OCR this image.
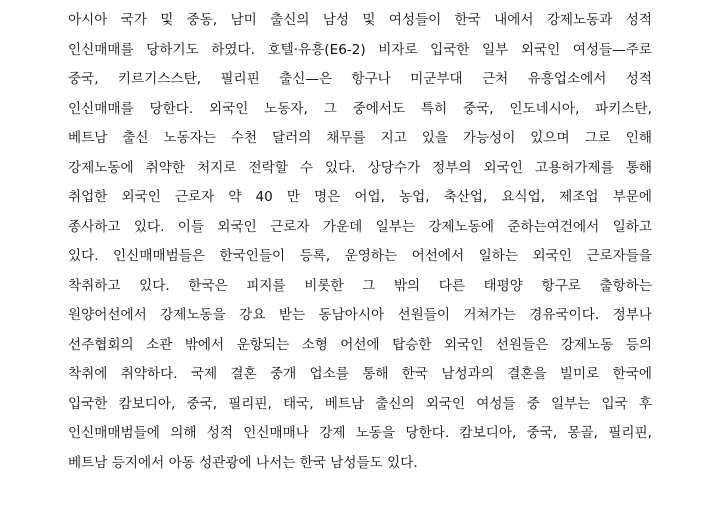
아시아 국가 및 중동, 남미 출신의 남성 및 여성들이 한국 내에서 강제노동과 성적
인신매매를 당하기도 하였다. 호텔·유흥(E6-2) 비자로 입국한 일부 외국인 여성들—주로
중국, 키르기스스탄, 필리핀 출신—은 항구나 미군부대 근처 유흥업소에서 성적
인신매매를 당한다. 외국인 노동자, 그 중에서도 특히 중국, 인도네시아, 파키스탄,
베트남 출신 노동자는 수천 달러의 채무를 지고 있을 가능성이 있으며 그로 인해
강제노동에 취약한 처지로 전락할 수 있다. 상당수가 정부의 외국인 고용허가제를 통해
취업한 외국인 근로자 약 40 만 명은 어업, 농업, 축산업, 요식업, 제조업 부문에
종사하고 있다. 이들 외국인 근로자 가운데 일부는 강제노동에 준하는여건에서 일하고
있다. 인신매매범들은 한국인들이 등록, 운영하는 어선에서 일하는 외국인 근로자들을
착취하고 있다. 한국은 피지를 비롯한 그 밖의 다른 태평양 항구로 출항하는
원양어선에서 강제노동을 강요 받는 동남아시아 선원들이 거쳐가는 경유국이다. 정부나
선주협회의 소관 밖에서 운항되는 소형 어선에 탑승한 외국인 선원들은 강제노동 등의
착취에 취약하다. 국제 결혼 중개 업소를 통해 한국 남성과의 결혼을 빌미로 한국에
입국한 캄보디아, 중국, 필리핀, 태국, 베트남 출신의 외국인 여성들 중 일부는 입국 후
인신매매범들에 의해 성적 인신매매나 강제 노동을 당한다. 캄보디아, 중국, 몽골, 필리핀,
베트남 등지에서 아동 성관광에 나서는 한국 남성들도 있다.
